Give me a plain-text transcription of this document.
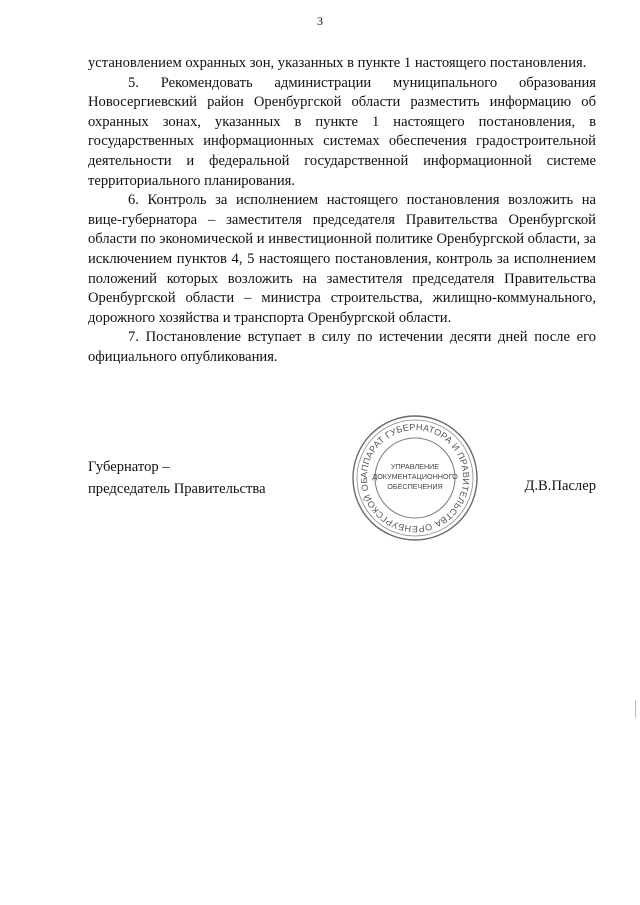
3

установлением охранных зон, указанных в пункте 1 настоящего постановления.

5. Рекомендовать администрации муниципального образования Новосергиевский район Оренбургской области разместить информацию об охранных зонах, указанных в пункте 1 настоящего постановления, в государственных информационных системах обеспечения градостроительной деятельности и федеральной государственной информационной системе территориального планирования.

6. Контроль за исполнением настоящего постановления возложить на вице-губернатора – заместителя председателя Правительства Оренбургской области по экономической и инвестиционной политике Оренбургской области, за исключением пунктов 4, 5 настоящего постановления, контроль за исполнением положений которых возложить на заместителя председателя Правительства Оренбургской области – министра строительства, жилищно-коммунального, дорожного хозяйства и транспорта Оренбургской области.

7. Постановление вступает в силу по истечении десяти дней после его официального опубликования.

Губернатор –
председатель Правительства
АППАРАТ ГУБЕРНАТОРА И ПРАВИТЕЛЬСТВА ОРЕНБУРГСКОЙ ОБ
УПРАВЛЕНИЕ
ДОКУМЕНТАЦИОННОГО
ОБЕСПЕЧЕНИЯ	Д.В.Паслер
